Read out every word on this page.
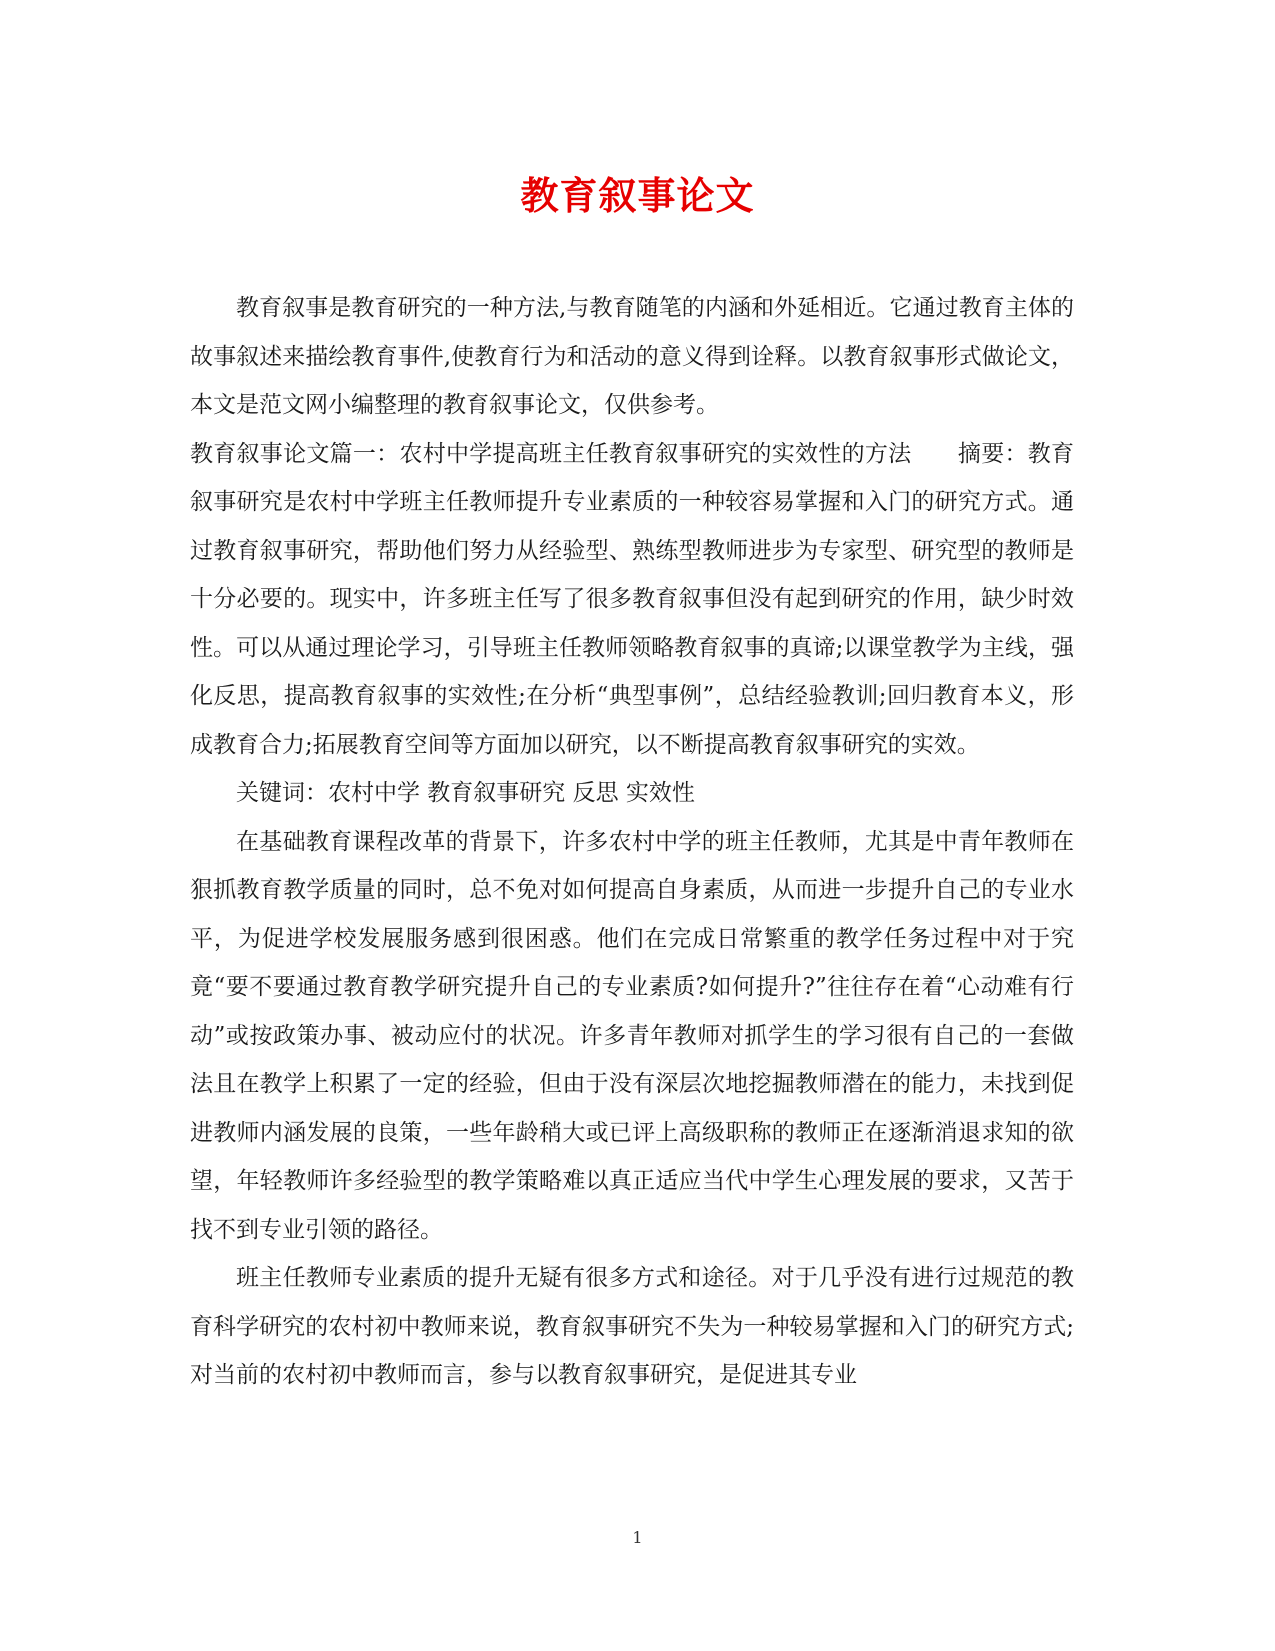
教育叙事论文

教育叙事是教育研究的一种方法,与教育随笔的内涵和外延相近。它通过教育主体的故事叙述来描绘教育事件,使教育行为和活动的意义得到诠释。以教育叙事形式做论文，本文是范文网小编整理的教育叙事论文，仅供参考。

教育叙事论文篇一：农村中学提高班主任教育叙事研究的实效性的方法　　摘要：教育叙事研究是农村中学班主任教师提升专业素质的一种较容易掌握和入门的研究方式。通过教育叙事研究，帮助他们努力从经验型、熟练型教师进步为专家型、研究型的教师是十分必要的。现实中，许多班主任写了很多教育叙事但没有起到研究的作用，缺少时效性。可以从通过理论学习，引导班主任教师领略教育叙事的真谛;以课堂教学为主线，强化反思，提高教育叙事的实效性;在分析“典型事例”，总结经验教训;回归教育本义，形成教育合力;拓展教育空间等方面加以研究，以不断提高教育叙事研究的实效。

关键词：农村中学 教育叙事研究 反思 实效性

在基础教育课程改革的背景下，许多农村中学的班主任教师，尤其是中青年教师在狠抓教育教学质量的同时，总不免对如何提高自身素质，从而进一步提升自己的专业水平，为促进学校发展服务感到很困惑。他们在完成日常繁重的教学任务过程中对于究竟“要不要通过教育教学研究提升自己的专业素质?如何提升?”往往存在着“心动难有行动”或按政策办事、被动应付的状况。许多青年教师对抓学生的学习很有自己的一套做法且在教学上积累了一定的经验，但由于没有深层次地挖掘教师潜在的能力，未找到促进教师内涵发展的良策，一些年龄稍大或已评上高级职称的教师正在逐渐消退求知的欲望，年轻教师许多经验型的教学策略难以真正适应当代中学生心理发展的要求，又苦于找不到专业引领的路径。

班主任教师专业素质的提升无疑有很多方式和途径。对于几乎没有进行过规范的教育科学研究的农村初中教师来说，教育叙事研究不失为一种较易掌握和入门的研究方式;对当前的农村初中教师而言，参与以教育叙事研究，是促进其专业

1
